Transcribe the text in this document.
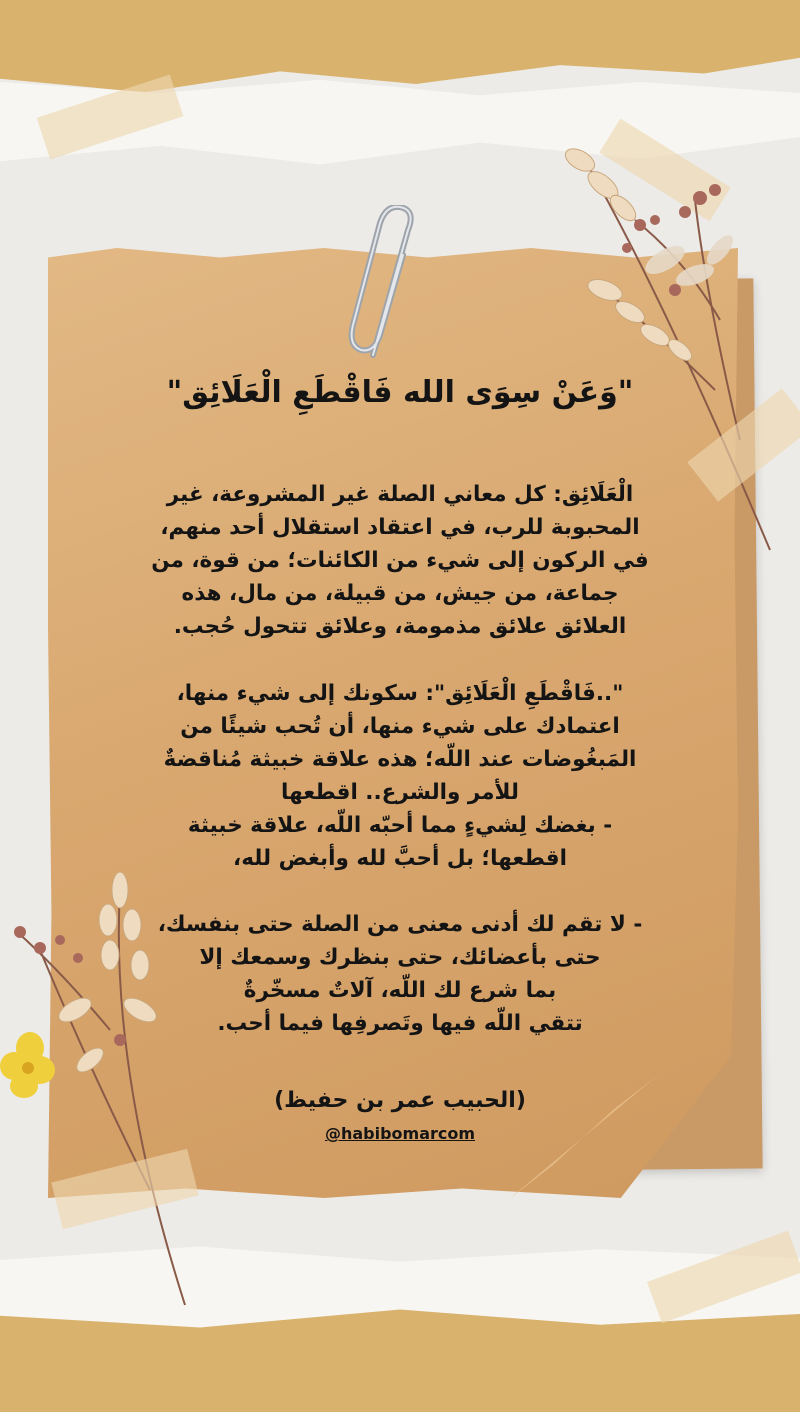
"وَعَنْ سِوَى الله فَاقْطَعِ الْعَلَائِق"
الْعَلَائِق: كل معاني الصلة غير المشروعة، غير
المحبوبة للرب، في اعتقاد استقلال أحد منهم،
في الركون إلى شيء من الكائنات؛ من قوة، من
جماعة، من جيش، من قبيلة، من مال، هذه
العلائق علائق مذمومة، وعلائق تتحول حُجب.
"..فَاقْطَعِ الْعَلَائِق": سكونك إلى شيء منها،
اعتمادك على شيء منها، أن تُحب شيئًا من
المَبغُوضات عند اللّه؛ هذه علاقة خبيثة مُناقضةٌ
للأمر والشرع.. اقطعها
- بغضك لِشيءٍ مما أحبّه اللّه، علاقة خبيثة
اقطعها؛ بل أحبَّ لله وأبغض لله،
- لا تقم لك أدنى معنى من الصلة حتى بنفسك،
حتى بأعضائك، حتى بنظرك وسمعك إلا
بما شرع لك اللّه، آلاتٌ مسخّرةٌ
تتقي اللّه فيها وتَصرفِها فيما أحب.
(الحبيب عمر بن حفيظ)
@habibomarcom
